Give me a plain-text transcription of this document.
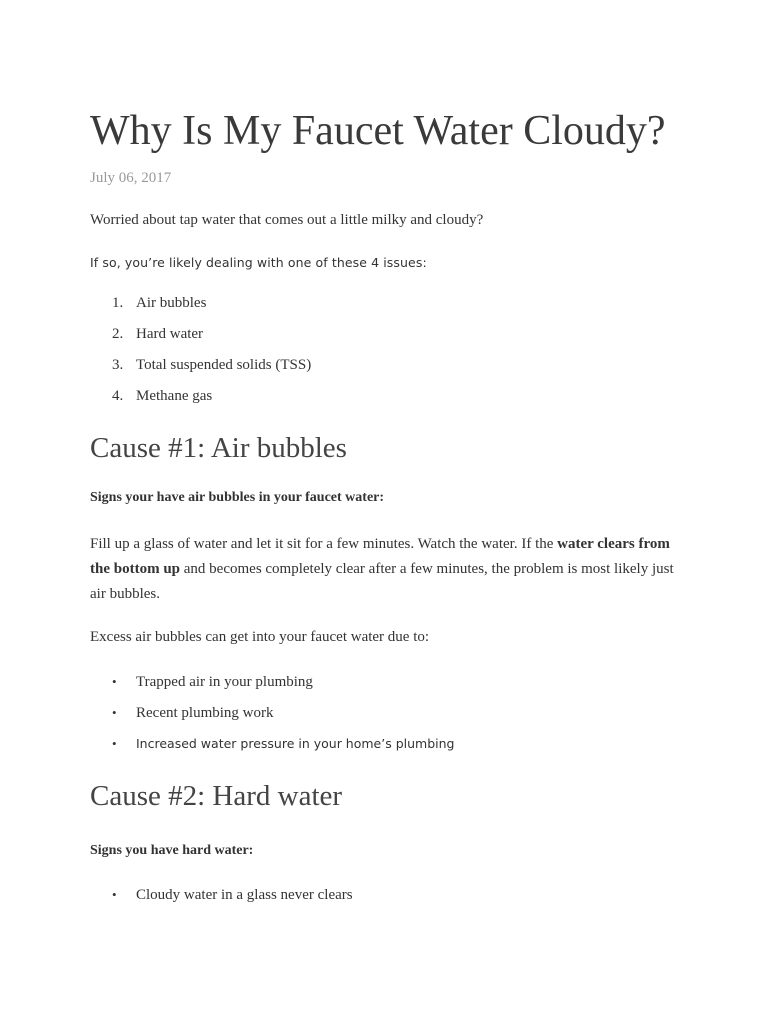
Why Is My Faucet Water Cloudy?
July 06, 2017

Worried about tap water that comes out a little milky and cloudy?

If so, you’re likely dealing with one of these 4 issues:

1. Air bubbles
2. Hard water
3. Total suspended solids (TSS)
4. Methane gas
Cause #1: Air bubbles

Signs your have air bubbles in your faucet water:

Fill up a glass of water and let it sit for a few minutes. Watch the water. If the water clears from the bottom up and becomes completely clear after a few minutes, the problem is most likely just air bubbles.

Excess air bubbles can get into your faucet water due to:

• Trapped air in your plumbing
• Recent plumbing work
• Increased water pressure in your home’s plumbing
Cause #2: Hard water

Signs you have hard water:

• Cloudy water in a glass never clears
